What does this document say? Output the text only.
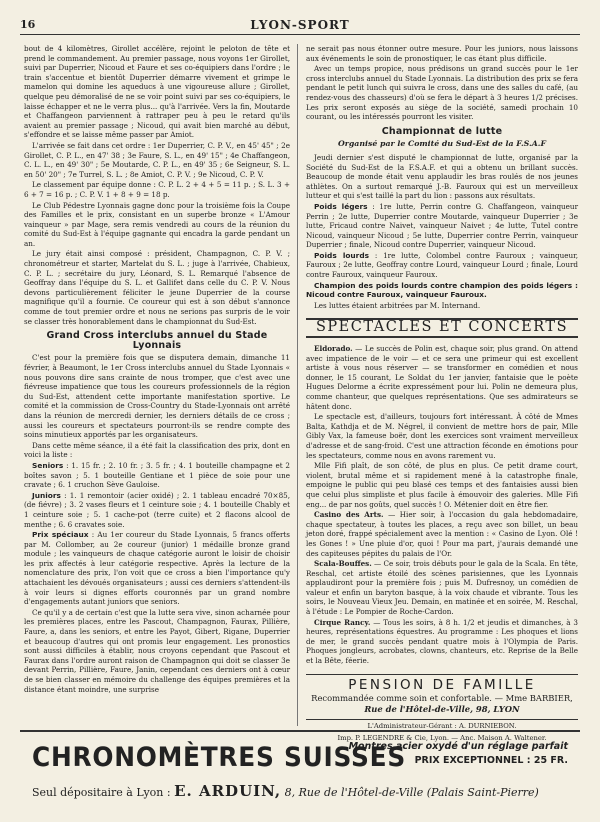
16	LYON-SPORT

bout de 4 kilomètres, Girollet accélère, rejoint le peloton de tête et prend le commandement. Au premier passage, nous voyons 1er Girollet, suivi par Duperrier, Nicoud et Faure et ses co-équipiers dans l'ordre ; le train s'accentue et bientôt Duperrier démarre vivement et grimpe le mamelon qui domine les aqueducs à une vigoureuse allure ; Girollet, quelque peu démoralisé de ne se voir point suivi par ses co-équipiers, le laisse échapper et ne le verra plus... qu'à l'arrivée. Vers la fin, Moutarde et Chaffangeon parviennent à rattraper peu à peu le retard qu'ils avaient au premier passage ; Nicoud, qui avait bien marché au début, s'effondre et se laisse même passer par Amiot.

L'arrivée se fait dans cet ordre : 1er Duperrier, C. P. V., en 45' 45" ; 2e Girollet, C. P. L., en 47' 38 ; 3e Faure, S. L., en 49' 15" ; 4e Chaffangeon, C. L. L., en 49' 30" ; 5e Moutarde, C. P. L., en 49' 35 ; 6e Seigneur, S. L. en 50' 20" ; 7e Turrel, S. L. ; 8e Amiot, C. P. V. ; 9e Nicoud, C. P. V.

Le classement par équipe donne : C. P. L. 2 + 4 + 5 = 11 p. ; S. L. 3 + 6 + 7 = 16 p. ; C. P. V. 1 + 8 + 9 = 18 p.

Le Club Pédestre Lyonnais gagne donc pour la troisième fois la Coupe des Familles et le prix, consistant en un superbe bronze « L'Amour vainqueur » par Mage, sera remis vendredi au cours de la réunion du comité du Sud-Est à l'équipe gagnante qui encadra la garde pendant un an.

Le jury était ainsi composé : président, Champagnon, C. P. V. ; chronométreur et starter, Martelat du S. L. ; juge à l'arrivée, Chabieux, C. P. L. ; secrétaire du jury, Léonard, S. L. Remarqué l'absence de Geoffray dans l'équipe du S. L. et Gallifet dans celle du C. P. V. Nous devons particulièrement féliciter le jeune Duperrier de la course magnifique qu'il a fournie. Ce coureur qui est à son début s'annonce comme de tout premier ordre et nous ne serions pas surpris de le voir se classer très honorablement dans le championnat du Sud-Est.

Grand Cross interclubs annuel du Stade Lyonnais

C'est pour la première fois que se disputera demain, dimanche 11 février, à Beaumont, le 1er Cross interclubs annuel du Stade Lyonnais « nous pouvons dire sans crainte de nous tromper, que c'est avec une fiévreuse impatience que tous les coureurs professionnels de la région du Sud-Est, attendent cette importante manifestation sportive. Le comité et la commission de Cross-Country du Stade-Lyonnais ont arrêté dans la réunion de mercredi dernier, les derniers détails de ce cross ; aussi les coureurs et spectateurs pourront-ils se rendre compte des soins minutieux apportés par les organisateurs.

Dans cette même séance, il a été fait la classification des prix, dont en voici la liste :

Seniors : 1. 15 fr. ; 2. 10 fr. ; 3. 5 fr. ; 4. 1 bouteille champagne et 2 boîtes savon ; 5. 1 bouteille Gentiane et 1 pièce de soie pour une cravate ; 6. 1 cruchon Sève Gauloise.

Juniors : 1. 1 remontoir (acier oxidé) ; 2. 1 tableau encadré 70×85, (de fiévre) ; 3. 2 vases fleurs et 1 ceinture soie ; 4. 1 bouteille Chably et 1 ceinture soie ; 5. 1 cache-pot (terre cuite) et 2 flacons alcool de menthe ; 6. 6 cravates soie.

Prix spéciaux : Au 1er coureur du Stade Lyonnais, 5 francs offerts par M. Collomber, au 2e coureur (junior) 1 médaille bronze grand module ; les vainqueurs de chaque catégorie auront le loisir de choisir les prix affectés à leur catégorie respective. Après la lecture de la nomenclature des prix, l'on voit que ce cross a bien l'importance qu'y attachaient les dévoués organisateurs ; aussi ces derniers s'attendent-ils à voir leurs si dignes efforts couronnés par un grand nombre d'engagements autant juniors que seniors.

Ce qu'il y a de certain c'est que la lutte sera vive, sinon acharnée pour les premières places, entre les Pascout, Champagnon, Faurax, Pillière, Faure, a, dans les seniors, et entre les Payot, Gibert, Rigane, Duperrier et beaucoup d'autres qui ont promis leur engagement. Les pronostics sont aussi difficiles à établir, nous croyons cependant que Pascout et Faurax dans l'ordre auront raison de Champagnon qui doit se classer 3e devant Perrin, Pillière, Faure, Janin, cependant ces derniers ont à cœur de se bien classer en mémoire du challenge des équipes premières et la distance étant moindre, une surprise

ne serait pas nous étonner outre mesure. Pour les juniors, nous laissons aux événements le soin de pronostiquer, le cas étant plus difficile.

Avec un temps propice, nous prédisons un grand succès pour le 1er cross interclubs annuel du Stade Lyonnais. La distribution des prix se fera pendant le petit lunch qui suivra le cross, dans une des salles du café, (au rendez-vous des chasseurs) d'où se fera le départ à 3 heures 1/2 précises. Les prix seront exposés au siège de la société, samedi prochain 10 courant, ou les intéressés pourront les visiter.

Championnat de lutte
Organisé par le Comité du Sud-Est de la F.S.A.F

Jeudi dernier s'est disputé le championnat de lutte, organisé par la Société du Sud-Est de la F.S.A.F. et qui a obtenu un brillant succès. Beaucoup de monde était venu applaudir les bras roulés de nos jeunes athlètes. On a surtout remarqué J.-B. Fauroux qui est un merveilleux lutteur et qui s'est taillé la part du lion : passons aux résultats.

Poids légers : 1re lutte, Perrin contre G. Chaffangeon, vainqueur Perrin ; 2e lutte, Duperrier contre Moutarde, vainqueur Duperrier ; 3e lutte, Fricaud contre Naivet, vainqueur Naivet ; 4e lutte, Tutel contre Nicoud, vainqueur Nicoud ; 5e lutte, Duperrier contre Perrin, vainqueur Duperrier ; finale, Nicoud contre Duperrier, vainqueur Nicoud.

Poids lourds : 1re lutte, Colombel contre Fauroux ; vainqueur, Fauroux ; 2e lutte, Geoffray contre Lourd, vainqueur Lourd ; finale, Lourd contre Fauroux, vainqueur Fauroux.

Champion des poids lourds contre champion des poids légers : Nicoud contre Fauroux, vainqueur Fauroux.

Les luttes étaient arbitrées par M. Internand.

SPECTACLES ET CONCERTS

Eldorado. — Le succès de Polin est, chaque soir, plus grand. On attend avec impatience de le voir — et ce sera une primeur qui est excellent artiste à vous nous réserver — se transformer en comédien et nous donner, le 15 courant, Le Soldat du 1er janvier, fantaisie que le poète Hugues Delorme a écrite expressément pour lui. Polin ne demeura plus, comme chanteur, que quelques représentations. Que ses admirateurs se hâtent donc.

Le spectacle est, d'ailleurs, toujours fort intéressant. À côté de Mmes Balta, Kathdja et de M. Négrel, il convient de mettre hors de pair, Mlle Gibly Vax, la fameuse boër, dont les exercices sont vraiment merveilleux d'adresse et de sang-froid. C'est une attraction féconde en émotions pour les spectateurs, comme nous en avons rarement vu.

Mlle Fifi plaît, de son côté, de plus en plus. Ce petit drame court, violent, brutal même et si rapidement mené à la catastrophe finale, empoigne le public qui peu blasé ces temps et des fantaisies aussi bien que celui plus simpliste et plus facile à émouvoir des galeries. Mlle Fifi eng... de par nos goûts, quel succès ! O. Métenier doit en être fier.

Casino des Arts. — Hier soir, à l'occasion du gala hebdomadaire, chaque spectateur, à toutes les places, a reçu avec son billet, un beau jeton doré, frappé spécialement avec la mention : « Casino de Lyon. Olé ! les Gones ! » Une pluie d'or, quoi ! Pour ma part, j'aurais demandé une des capiteuses pépites du palais de l'Or.

Scala-Bouffes. — Ce soir, trois débuts pour le gala de la Scala. En tête, Reschal, cet artiste étoilé des scènes parisiennes, que les Lyonnais applaudiront pour la première fois ; puis M. Dufresnoy, un comédien de valeur et enfin un baryton basque, à la voix chaude et vibrante. Tous les soirs, le Nouveau Vieux Jeu. Demain, en matinée et en soirée, M. Reschal, à l'étude : Le Pompier de Roche-Cardon.

Cirque Rancy. — Tous les soirs, à 8 h. 1/2 et jeudis et dimanches, à 3 heures, représentations équestres. Au programme : Les phoques et lions de mer, le grand succès pendant quatre mois à l'Olympia de Paris. Phoques jongleurs, acrobates, clowns, chanteurs, etc. Reprise de la Belle et la Bête, féerie.

PENSION DE FAMILLE
Recommandée comme soin et confortable. — Mme BARBIER,
Rue de l'Hôtel-de-Ville, 98, LYON
L'Administrateur-Gérant : A. DURNIEBON.
Imp. P. LEGENDRE & Cie, Lyon. — Anc. Maison A. Waltener.
CHRONOMÈTRES SUISSES
Montres acier oxydé d'un réglage parfait
PRIX EXCEPTIONNEL : 25 FR.
Seul dépositaire à Lyon : E. ARDUIN, 8, Rue de l'Hôtel-de-Ville (Palais Saint-Pierre)
